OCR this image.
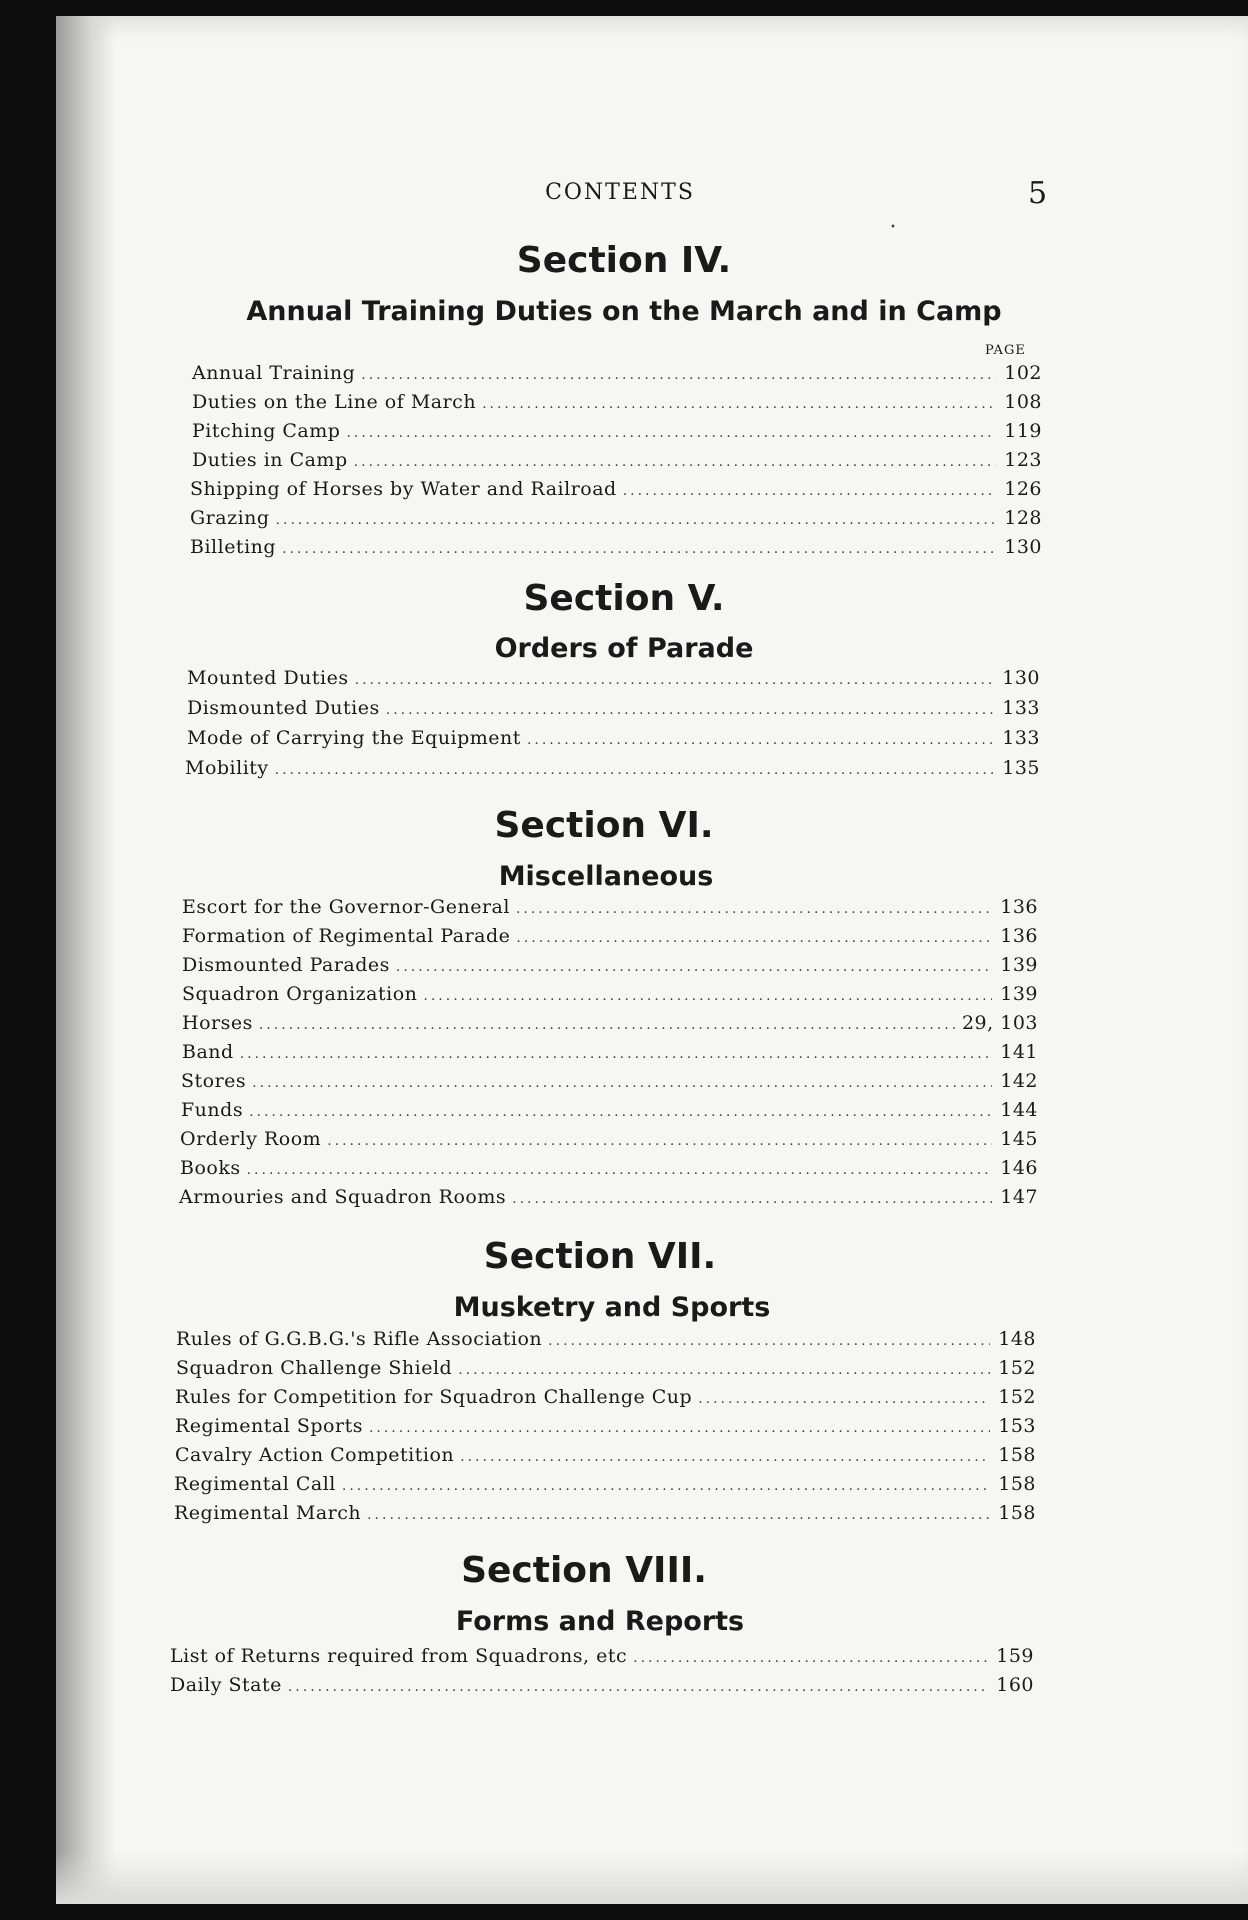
CONTENTS	5
•
Section IV.
Annual Training Duties on the March and in Camp
PAGE
Annual Training .....	102
Duties on the Line of March .....	108
Pitching Camp .....	119
Duties in Camp .....	123
Shipping of Horses by Water and Railroad .....	126
Grazing .....	128
Billeting .....	130
Section V.
Orders of Parade
Mounted Duties .....	130
Dismounted Duties .....	133
Mode of Carrying the Equipment .....	133
Mobility .....	135
Section VI.
Miscellaneous
Escort for the Governor-General .....	136
Formation of Regimental Parade .....	136
Dismounted Parades .....	139
Squadron Organization .....	139
Horses .....	29, 103
Band .....	141
Stores .....	142
Funds .....	144
Orderly Room .....	145
Books .....	146
Armouries and Squadron Rooms .....	147
Section VII.
Musketry and Sports
Rules of G.G.B.G.'s Rifle Association .....	148
Squadron Challenge Shield .....	152
Rules for Competition for Squadron Challenge Cup .....	152
Regimental Sports .....	153
Cavalry Action Competition .....	158
Regimental Call .....	158
Regimental March .....	158
Section VIII.
Forms and Reports
List of Returns required from Squadrons, etc .....	159
Daily State .....	160
